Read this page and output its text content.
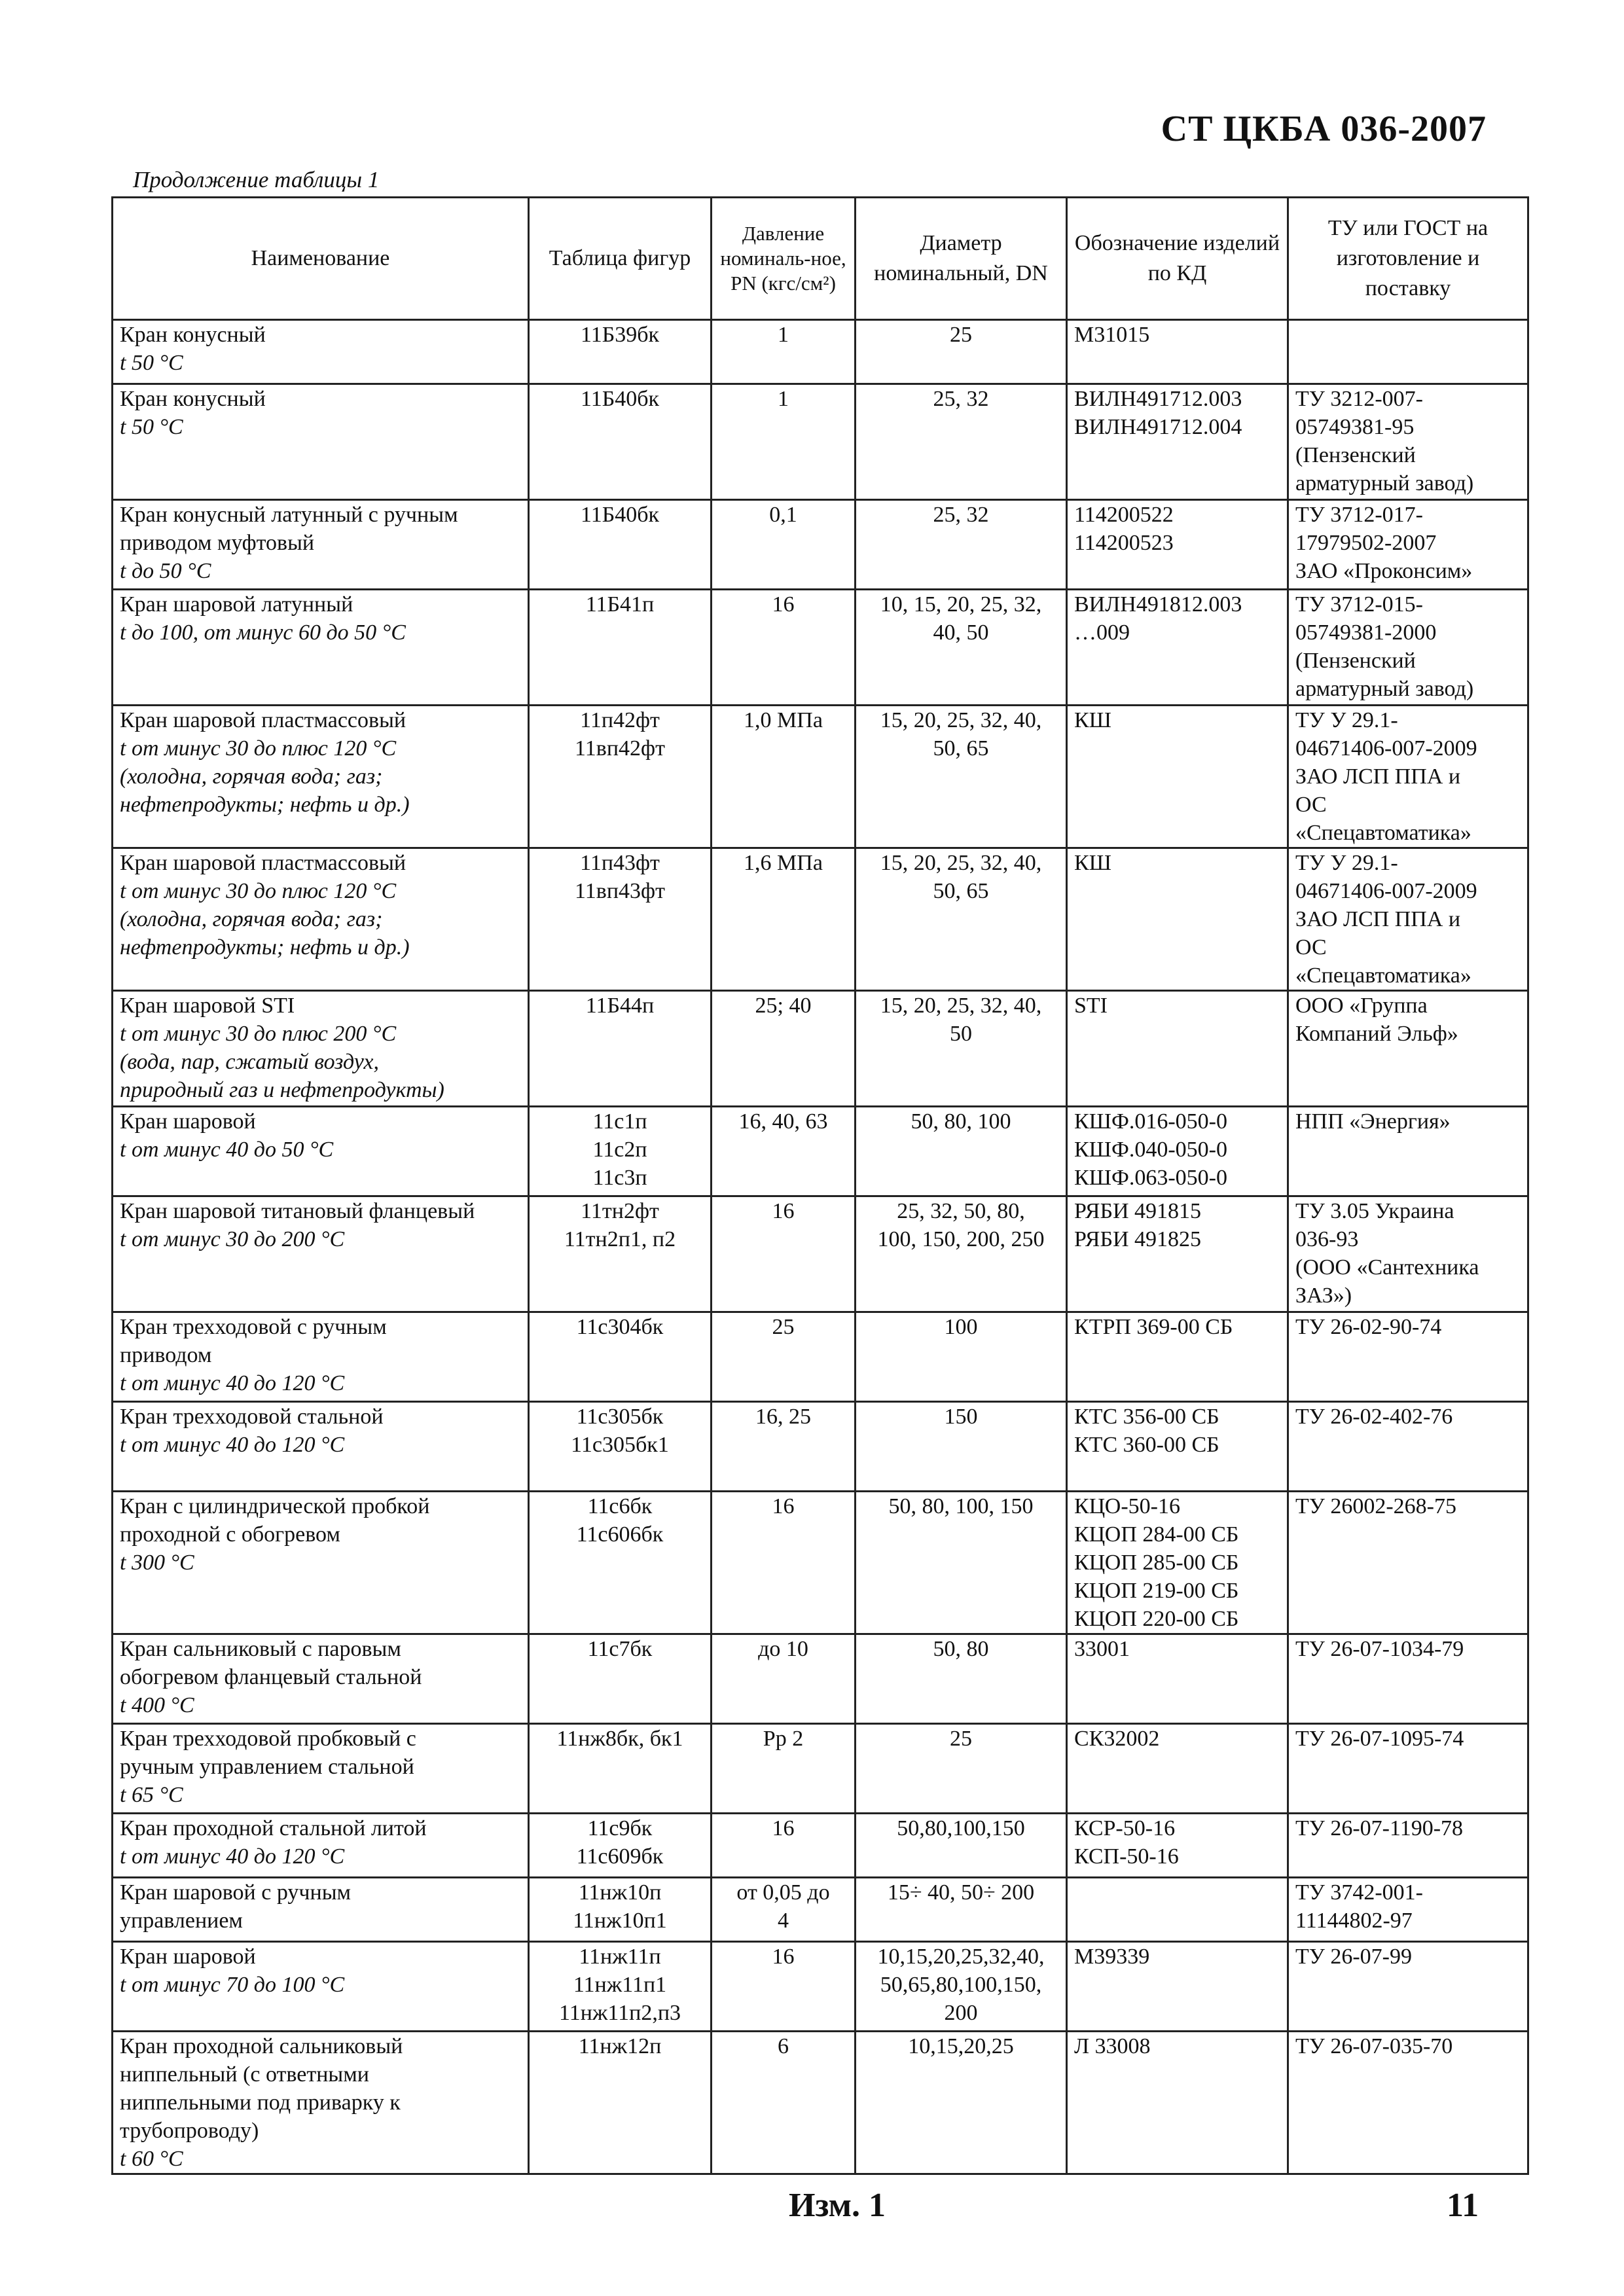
СТ ЦКБА 036-2007
Продолжение таблицы 1
Наименование	Таблица фигур	Давление номиналь-ное, PN (кгс/см²)	Диаметр номинальный, DN	Обозначение изделий по КД	ТУ или ГОСТ на изготовление и поставку

Кран конусный
t 50 °С	11Б39бк	1	25	М31015	

Кран конусный
t 50 °С	11Б40бк	1	25, 32	ВИЛН491712.003
ВИЛН491712.004	ТУ 3212-007-
05749381-95
(Пензенский
арматурный завод)

Кран конусный латунный с ручным
приводом муфтовый
t до 50 °С	11Б40бк	0,1	25, 32	114200522
114200523	ТУ 3712-017-
17979502-2007
ЗАО «Проконсим»

Кран шаровой латунный
t до 100, от минус 60 до 50 °С	11Б41п	16	10, 15, 20, 25, 32,
40, 50	ВИЛН491812.003
…009	ТУ 3712-015-
05749381-2000
(Пензенский
арматурный завод)

Кран шаровой пластмассовый
t от минус 30 до плюс 120 °С
(холодна, горячая вода; газ;
нефтепродукты; нефть и др.)	11п42фт
11вп42фт	1,0 МПа	15, 20, 25, 32, 40,
50, 65	КШ	ТУ У 29.1-
04671406-007-2009
ЗАО ЛСП ППА и
ОС
«Спецавтоматика»

Кран шаровой пластмассовый
t от минус 30 до плюс 120 °С
(холодна, горячая вода; газ;
нефтепродукты; нефть и др.)	11п43фт
11вп43фт	1,6 МПа	15, 20, 25, 32, 40,
50, 65	КШ	ТУ У 29.1-
04671406-007-2009
ЗАО ЛСП ППА и
ОС
«Спецавтоматика»

Кран шаровой STI
t от минус 30 до плюс 200 °С
(вода, пар, сжатый воздух,
природный газ и нефтепродукты)	11Б44п	25; 40	15, 20, 25, 32, 40,
50	STI	ООО «Группа
Компаний Эльф»

Кран шаровой
t от минус 40 до 50 °С	11с1п
11с2п
11с3п	16, 40, 63	50, 80, 100	КШФ.016-050-0
КШФ.040-050-0
КШФ.063-050-0	НПП «Энергия»

Кран шаровой титановый фланцевый
t от минус 30 до 200 °С	11тн2фт
11тн2п1, п2	16	25, 32, 50, 80,
100, 150, 200, 250	РЯБИ 491815
РЯБИ 491825	ТУ 3.05 Украина
036-93
(ООО «Сантехника
ЗАЗ»)

Кран трехходовой с ручным
приводом
t от минус 40 до 120 °С	11с304бк	25	100	КТРП 369-00 СБ	ТУ 26-02-90-74

Кран трехходовой стальной
t от минус 40 до 120 °С	11с305бк
11с305бк1	16, 25	150	КТС 356-00 СБ
КТС 360-00 СБ	ТУ 26-02-402-76

Кран с цилиндрической пробкой
проходной с обогревом
t 300 °С	11с6бк
11с606бк	16	50, 80, 100, 150	КЦО-50-16
КЦОП 284-00 СБ
КЦОП 285-00 СБ
КЦОП 219-00 СБ
КЦОП 220-00 СБ	ТУ 26002-268-75

Кран сальниковый с паровым
обогревом фланцевый стальной
t 400 °С	11с7бк	до 10	50, 80	33001	ТУ 26-07-1034-79

Кран трехходовой пробковый с
ручным управлением стальной
t 65 °С	11нж8бк, бк1	Рр 2	25	СК32002	ТУ 26-07-1095-74

Кран проходной стальной литой
t от минус 40 до 120 °С	11с9бк
11с609бк	16	50,80,100,150	КСР-50-16
КСП-50-16	ТУ 26-07-1190-78

Кран шаровой с ручным
управлением	11нж10п
11нж10п1	от 0,05 до
4	15÷ 40, 50÷ 200		ТУ 3742-001-
11144802-97

Кран шаровой
t от минус 70 до 100 °С	11нж11п
11нж11п1
11нж11п2,п3	16	10,15,20,25,32,40,
50,65,80,100,150,
200	М39339	ТУ 26-07-99

Кран проходной сальниковый
ниппельный (с ответными
ниппельными под приварку к
трубопроводу)
t 60 °С	11нж12п	6	10,15,20,25	Л 33008	ТУ 26-07-035-70
Изм. 1	11
